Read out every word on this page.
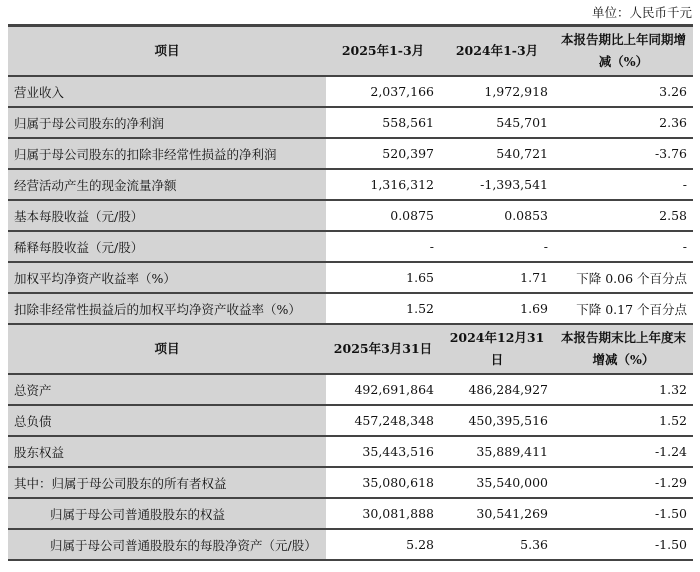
单位：人民币千元
项目	2025年1-3月	2024年1-3月	本报告期比上年同期增减（%）
营业收入	2,037,166	1,972,918	3.26
归属于母公司股东的净利润	558,561	545,701	2.36
归属于母公司股东的扣除非经常性损益的净利润	520,397	540,721	-3.76
经营活动产生的现金流量净额	1,316,312	-1,393,541	-
基本每股收益（元/股）	0.0875	0.0853	2.58
稀释每股收益（元/股）	-	-	-
加权平均净资产收益率（%）	1.65	1.71	下降 0.06 个百分点
扣除非经常性损益后的加权平均净资产收益率（%）	1.52	1.69	下降 0.17 个百分点
项目	2025年3月31日	2024年12月31日	本报告期末比上年度末增减（%）
总资产	492,691,864	486,284,927	1.32
总负债	457,248,348	450,395,516	1.52
股东权益	35,443,516	35,889,411	-1.24
其中：归属于母公司股东的所有者权益	35,080,618	35,540,000	-1.29
归属于母公司普通股股东的权益	30,081,888	30,541,269	-1.50
归属于母公司普通股股东的每股净资产（元/股）	5.28	5.36	-1.50
